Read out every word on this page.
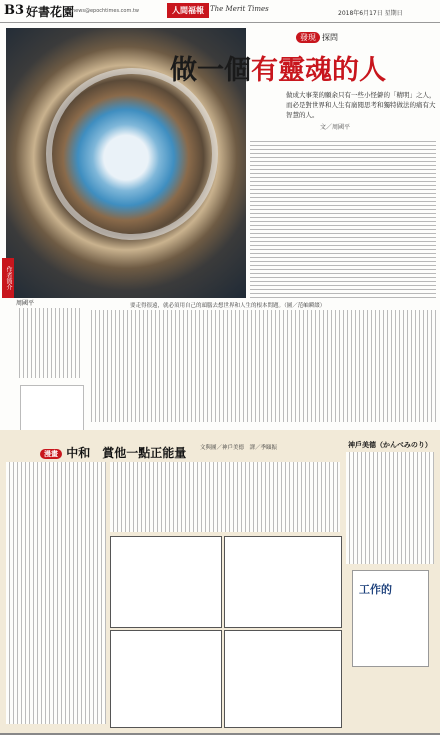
B3 好書花園
news@epochtimes.com.tw	人間福報 The Merit Times
2018年6月17日 星期日
發現 探問
做一個有靈魂的人
做成大事業的願余只有一些小怪僻的「精明」之人，而必是對世界和人生有廣閱思考和獨特做法的痛有大智慧的人。
文／周國平
要走得很遠，就必須用自己的頭腦去想世界和人生的根本問題。（圖／范岫瞬綴）
作者簡介
周國平
漫畫 中和　 賞他一點正能量	文與圖／神戶美德　譯／季頤振	神戶美德（かんべみのり）
工作的
